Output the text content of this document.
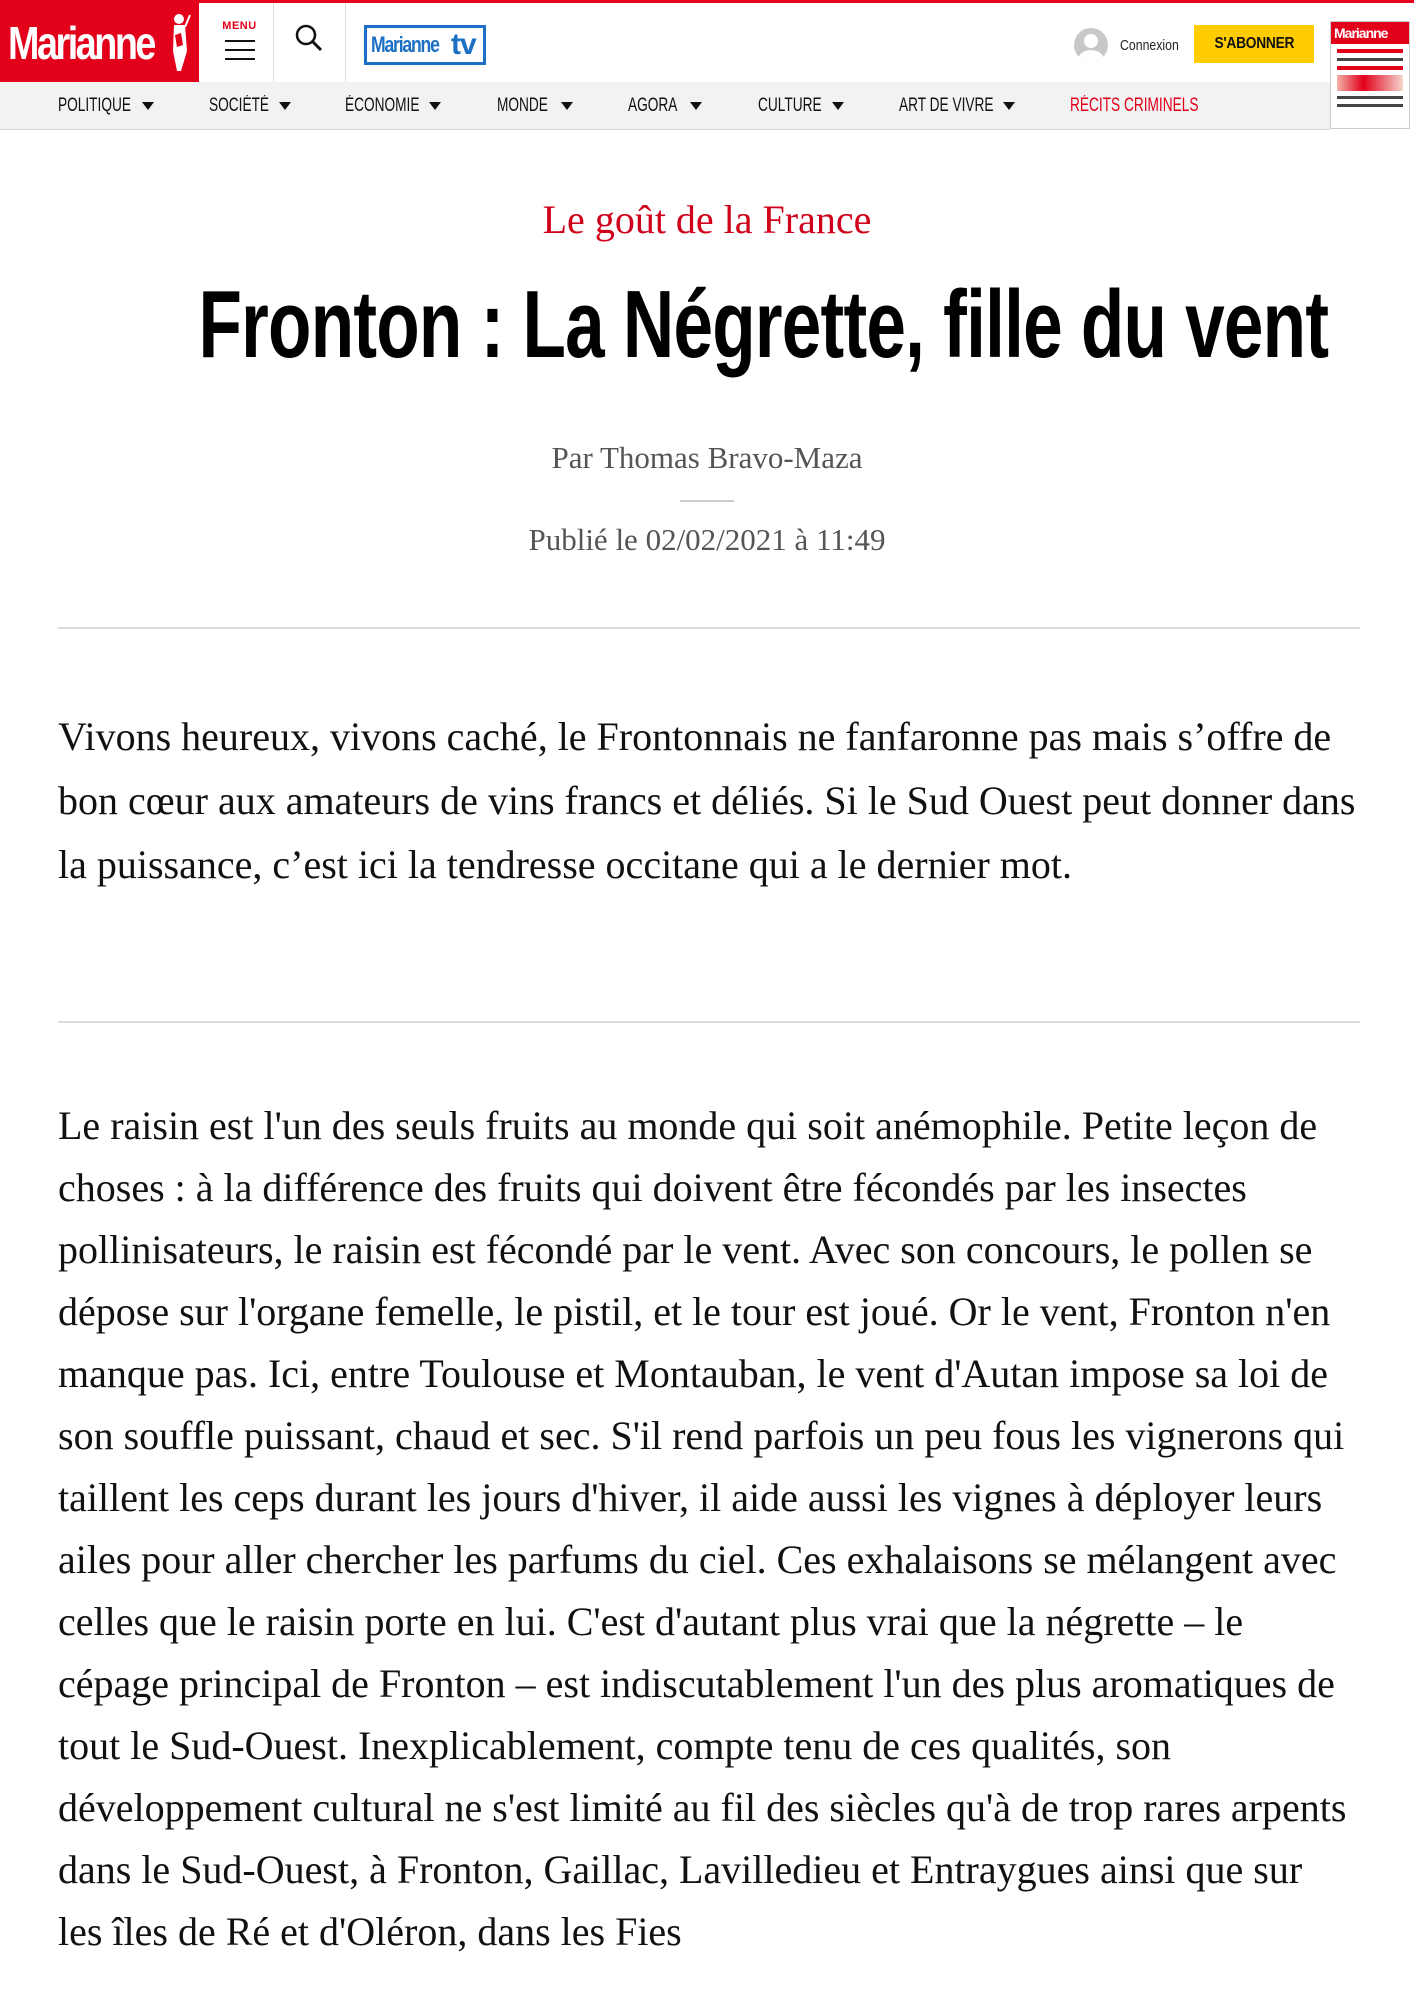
Marianne	MENU
Marianne tv	Connexion S'ABONNER
Marianne
POLITIQUE	SOCIÉTÉ	ÉCONOMIE	MONDE	AGORA	CULTURE	ART DE VIVRE	RÉCITS CRIMINELS
Le goût de la France
Fronton : La Négrette, fille du vent
Par Thomas Bravo-Maza
Publié le 02/02/2021 à 11:49

Vivons heureux, vivons caché, le Frontonnais ne fanfaronne pas mais s’offre de bon cœur aux amateurs de vins francs et déliés. Si le Sud Ouest peut donner dans la puissance, c’est ici la tendresse occitane qui a le dernier mot.

Le raisin est l'un des seuls fruits au monde qui soit anémophile. Petite leçon de choses : à la différence des fruits qui doivent être fécondés par les insectes pollinisateurs, le raisin est fécondé par le vent. Avec son concours, le pollen se dépose sur l'organe femelle, le pistil, et le tour est joué. Or le vent, Fronton n'en manque pas. Ici, entre Toulouse et Montauban, le vent d'Autan impose sa loi de son souffle puissant, chaud et sec. S'il rend parfois un peu fous les vignerons qui taillent les ceps durant les jours d'hiver, il aide aussi les vignes à déployer leurs ailes pour aller chercher les parfums du ciel. Ces exhalaisons se mélangent avec celles que le raisin porte en lui. C'est d'autant plus vrai que la négrette – le cépage principal de Fronton – est indiscutablement l'un des plus aromatiques de tout le Sud-Ouest. Inexplicablement, compte tenu de ces qualités, son développement cultural ne s'est limité au fil des siècles qu'à de trop rares arpents dans le Sud-Ouest, à Fronton, Gaillac, Lavilledieu et Entraygues ainsi que sur les îles de Ré et d'Oléron, dans les Fies
